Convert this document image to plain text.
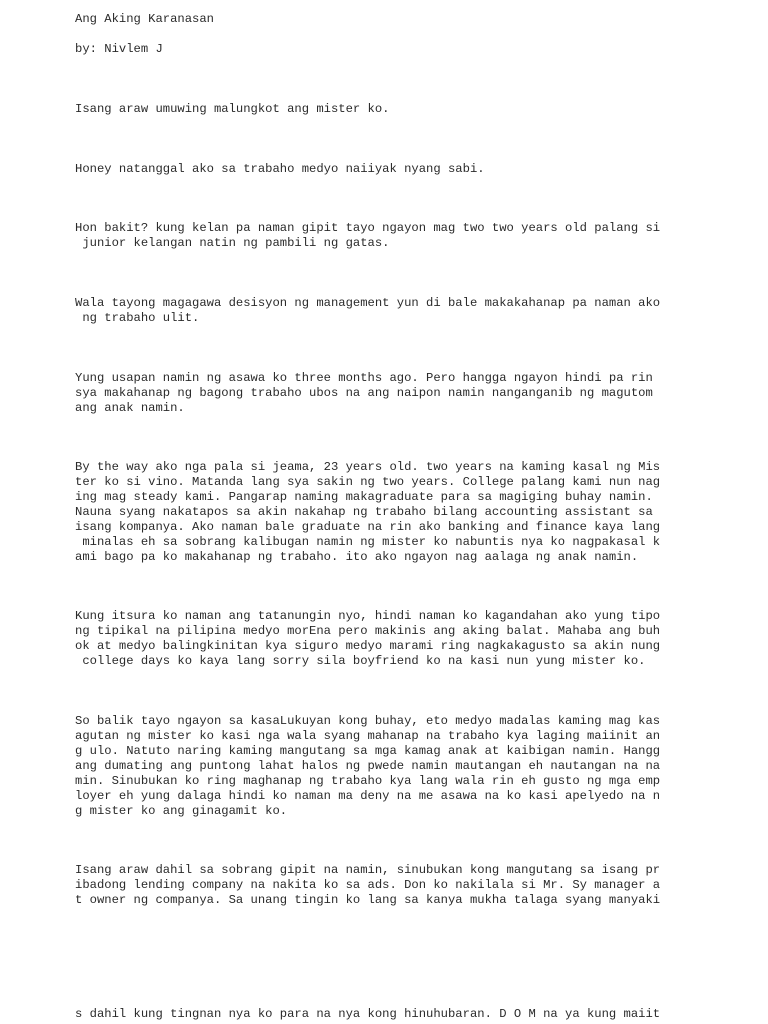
Ang Aking Karanasan

by: Nivlem J

Isang araw umuwing malungkot ang mister ko.

Honey natanggal ako sa trabaho medyo naiiyak nyang sabi.

Hon bakit? kung kelan pa naman gipit tayo ngayon mag two two years old palang si

junior kelangan natin ng pambili ng gatas.

Wala tayong magagawa desisyon ng management yun di bale makakahanap pa naman ako

ng trabaho ulit.

Yung usapan namin ng asawa ko three months ago. Pero hangga ngayon hindi pa rin

sya makahanap ng bagong trabaho ubos na ang naipon namin nanganganib ng magutom

ang anak namin.

By the way ako nga pala si jeama, 23 years old. two years na kaming kasal ng Mis

ter ko si vino. Matanda lang sya sakin ng two years. College palang kami nun nag

ing mag steady kami. Pangarap naming makagraduate para sa magiging buhay namin.

Nauna syang nakatapos sa akin nakahap ng trabaho bilang accounting assistant sa

isang kompanya. Ako naman bale graduate na rin ako banking and finance kaya lang

minalas eh sa sobrang kalibugan namin ng mister ko nabuntis nya ko nagpakasal k

ami bago pa ko makahanap ng trabaho. ito ako ngayon nag aalaga ng anak namin.

Kung itsura ko naman ang tatanungin nyo, hindi naman ko kagandahan ako yung tipo

ng tipikal na pilipina medyo morEna pero makinis ang aking balat. Mahaba ang buh

ok at medyo balingkinitan kya siguro medyo marami ring nagkakagusto sa akin nung

college days ko kaya lang sorry sila boyfriend ko na kasi nun yung mister ko.

So balik tayo ngayon sa kasaLukuyan kong buhay, eto medyo madalas kaming mag kas

agutan ng mister ko kasi nga wala syang mahanap na trabaho kya laging maiinit an

g ulo. Natuto naring kaming mangutang sa mga kamag anak at kaibigan namin. Hangg

ang dumating ang puntong lahat halos ng pwede namin mautangan eh nautangan na na

min. Sinubukan ko ring maghanap ng trabaho kya lang wala rin eh gusto ng mga emp

loyer eh yung dalaga hindi ko naman ma deny na me asawa na ko kasi apelyedo na n

g mister ko ang ginagamit ko.

Isang araw dahil sa sobrang gipit na namin, sinubukan kong mangutang sa isang pr

ibadong lending company na nakita ko sa ads. Don ko nakilala si Mr. Sy manager a

t owner ng companya. Sa unang tingin ko lang sa kanya mukha talaga syang manyaki

s dahil kung tingnan nya ko para na nya kong hinuhubaran. D O M na ya kung maiit
